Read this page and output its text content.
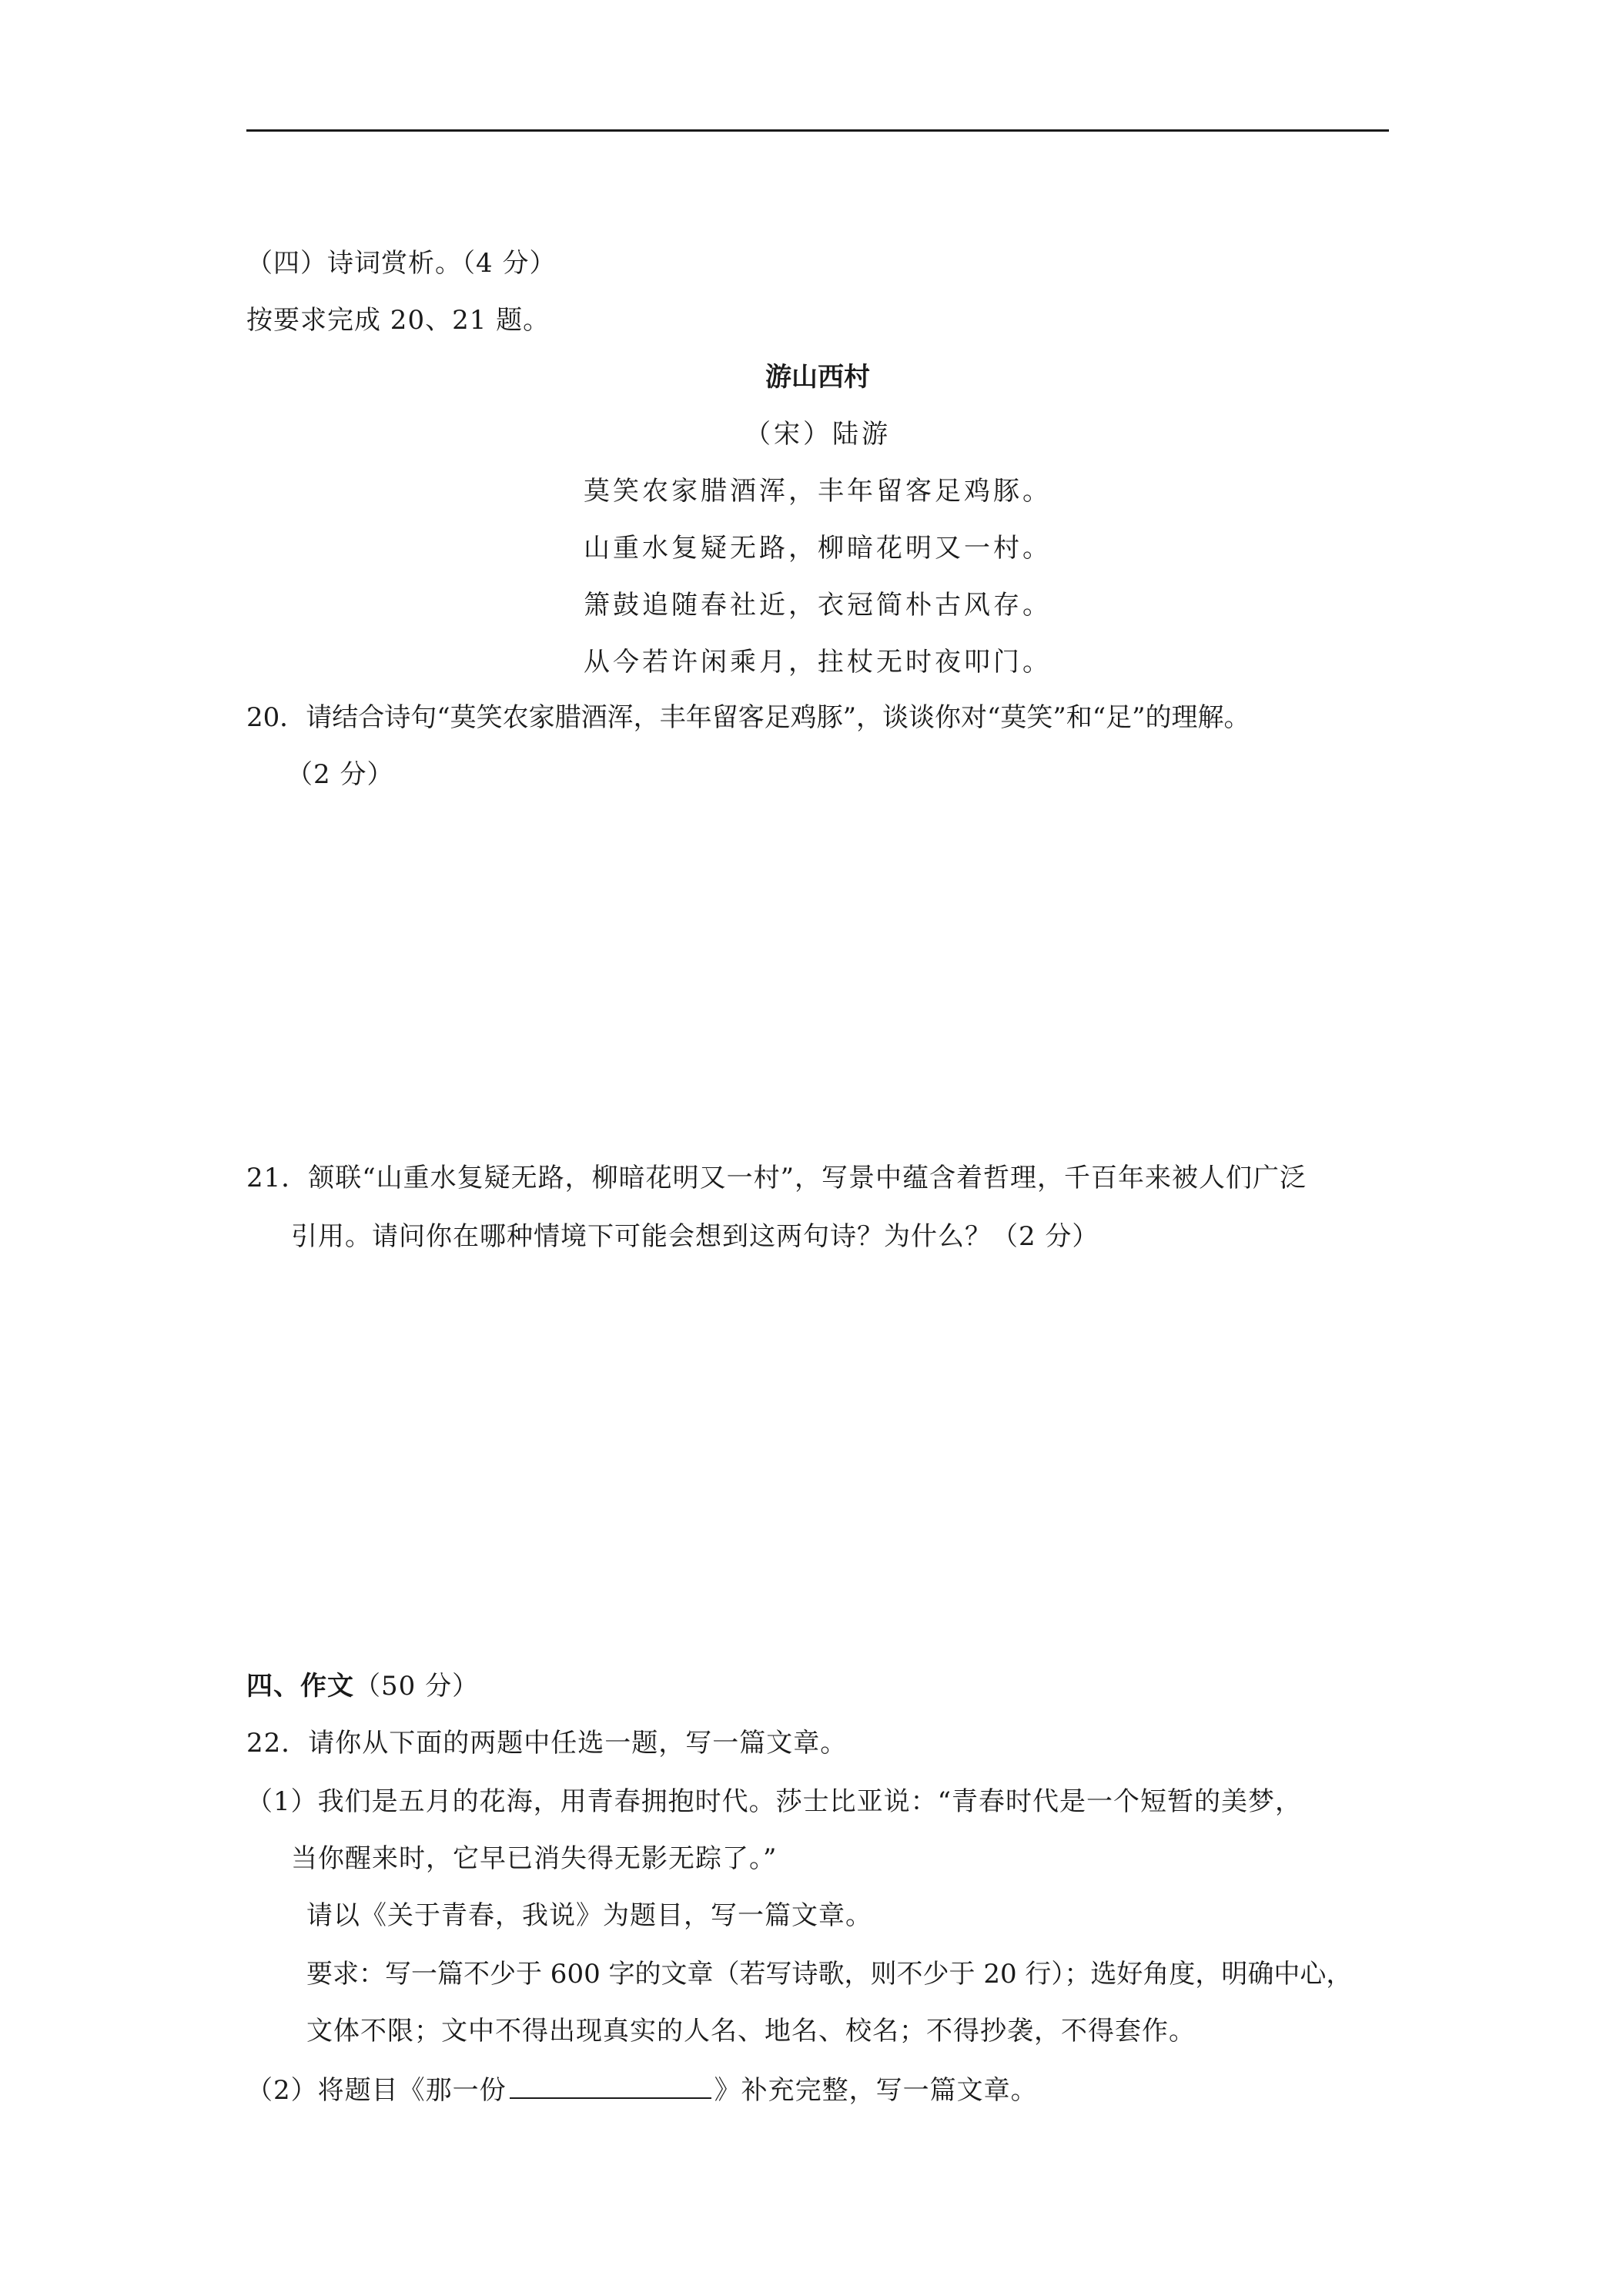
（四）诗词赏析。（4 分）
按要求完成 20、21 题。
游山西村
（宋）陆游
莫笑农家腊酒浑，丰年留客足鸡豚。
山重水复疑无路，柳暗花明又一村。
箫鼓追随春社近，衣冠简朴古风存。
从今若许闲乘月，拄杖无时夜叩门。
20．请结合诗句“莫笑农家腊酒浑，丰年留客足鸡豚”，谈谈你对“莫笑”和“足”的理解。
（2 分）
21．颔联“山重水复疑无路，柳暗花明又一村”，写景中蕴含着哲理，千百年来被人们广泛
引用。请问你在哪种情境下可能会想到这两句诗？为什么？（2 分）
四、作文（50 分）
22．请你从下面的两题中任选一题，写一篇文章。
（1）我们是五月的花海，用青春拥抱时代。莎士比亚说：“青春时代是一个短暂的美梦，
当你醒来时，它早已消失得无影无踪了。”
请以《关于青春，我说》为题目，写一篇文章。
要求：写一篇不少于 600 字的文章（若写诗歌，则不少于 20 行）；选好角度，明确中心，
文体不限；文中不得出现真实的人名、地名、校名；不得抄袭，不得套作。
（2）将题目《那一份	》补充完整，写一篇文章。
